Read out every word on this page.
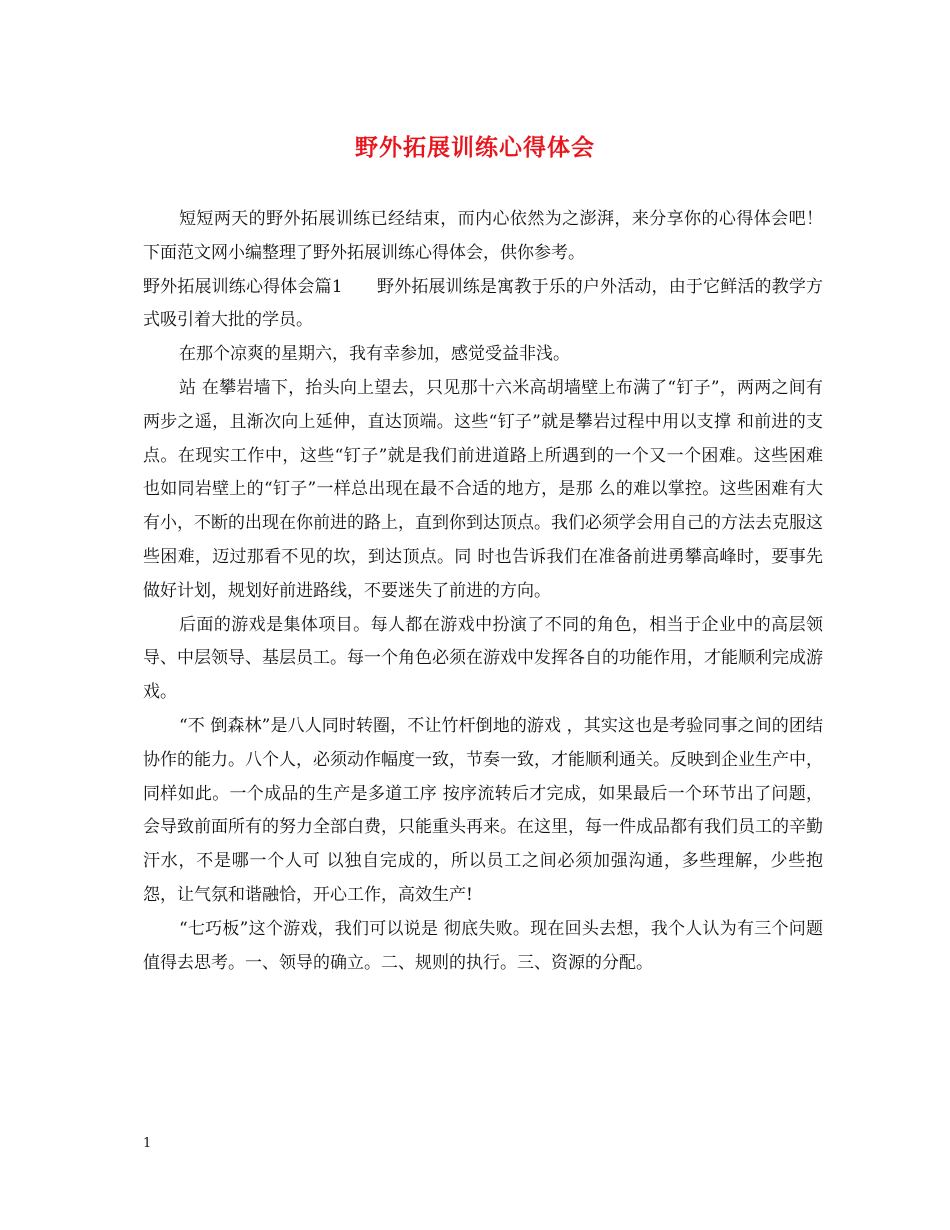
野外拓展训练心得体会

短短两天的野外拓展训练已经结束，而内心依然为之澎湃，来分享你的心得体会吧！下面范文网小编整理了野外拓展训练心得体会，供你参考。

野外拓展训练心得体会篇1　　野外拓展训练是寓教于乐的户外活动，由于它鲜活的教学方式吸引着大批的学员。

在那个凉爽的星期六，我有幸参加，感觉受益非浅。

站 在攀岩墙下，抬头向上望去，只见那十六米高胡墙壁上布满了“钉子”，两两之间有两步之遥，且渐次向上延伸，直达顶端。这些“钉子”就是攀岩过程中用以支撑 和前进的支点。在现实工作中，这些“钉子”就是我们前进道路上所遇到的一个又一个困难。这些困难也如同岩壁上的“钉子”一样总出现在最不合适的地方，是那 么的难以掌控。这些困难有大有小，不断的出现在你前进的路上，直到你到达顶点。我们必须学会用自己的方法去克服这些困难，迈过那看不见的坎，到达顶点。同 时也告诉我们在准备前进勇攀高峰时，要事先做好计划，规划好前进路线，不要迷失了前进的方向。

后面的游戏是集体项目。每人都在游戏中扮演了不同的角色，相当于企业中的高层领导、中层领导、基层员工。每一个角色必须在游戏中发挥各自的功能作用，才能顺利完成游戏。

“不 倒森林”是八人同时转圈，不让竹杆倒地的游戏 ，其实这也是考验同事之间的团结协作的能力。八个人，必须动作幅度一致，节奏一致，才能顺利通关。反映到企业生产中，同样如此。一个成品的生产是多道工序 按序流转后才完成，如果最后一个环节出了问题，会导致前面所有的努力全部白费，只能重头再来。在这里，每一件成品都有我们员工的辛勤汗水，不是哪一个人可 以独自完成的，所以员工之间必须加强沟通，多些理解，少些抱怨，让气氛和谐融恰，开心工作，高效生产!

“七巧板”这个游戏，我们可以说是 彻底失败。现在回头去想，我个人认为有三个问题值得去思考。一、领导的确立。二、规则的执行。三、资源的分配。

1
